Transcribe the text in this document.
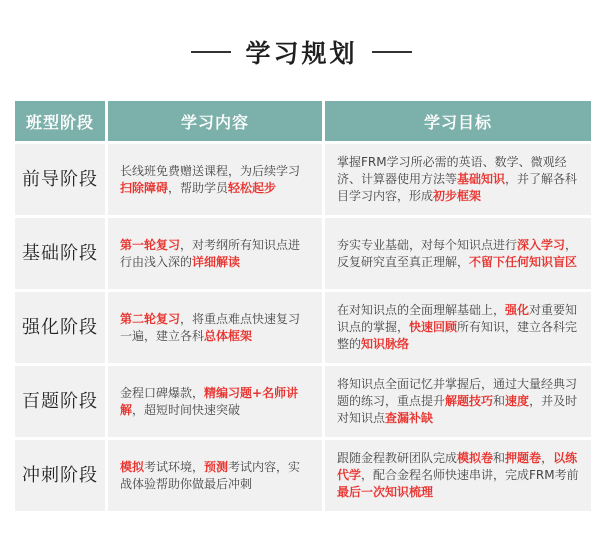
学习规划
班型阶段	学习内容	学习目标
前导阶段	长线班免费赠送课程，为后续学习扫除障碍，帮助学员轻松起步	掌握FRM学习所必需的英语、数学、微观经济、计算器使用方法等基础知识，并了解各科目学习内容，形成初步框架
基础阶段	第一轮复习，对考纲所有知识点进行由浅入深的详细解读	夯实专业基础，对每个知识点进行深入学习，反复研究直至真正理解，不留下任何知识盲区
强化阶段	第二轮复习，将重点难点快速复习一遍，建立各科总体框架	在对知识点的全面理解基础上，强化对重要知识点的掌握，快速回顾所有知识，建立各科完整的知识脉络
百题阶段	金程口碑爆款，精编习题+名师讲解，超短时间快速突破	将知识点全面记忆并掌握后，通过大量经典习题的练习，重点提升解题技巧和速度，并及时对知识点查漏补缺
冲刺阶段	模拟考试环境，预测考试内容，实战体验帮助你做最后冲刺	跟随金程教研团队完成模拟卷和押题卷，以练代学，配合金程名师快速串讲，完成FRM考前最后一次知识梳理
